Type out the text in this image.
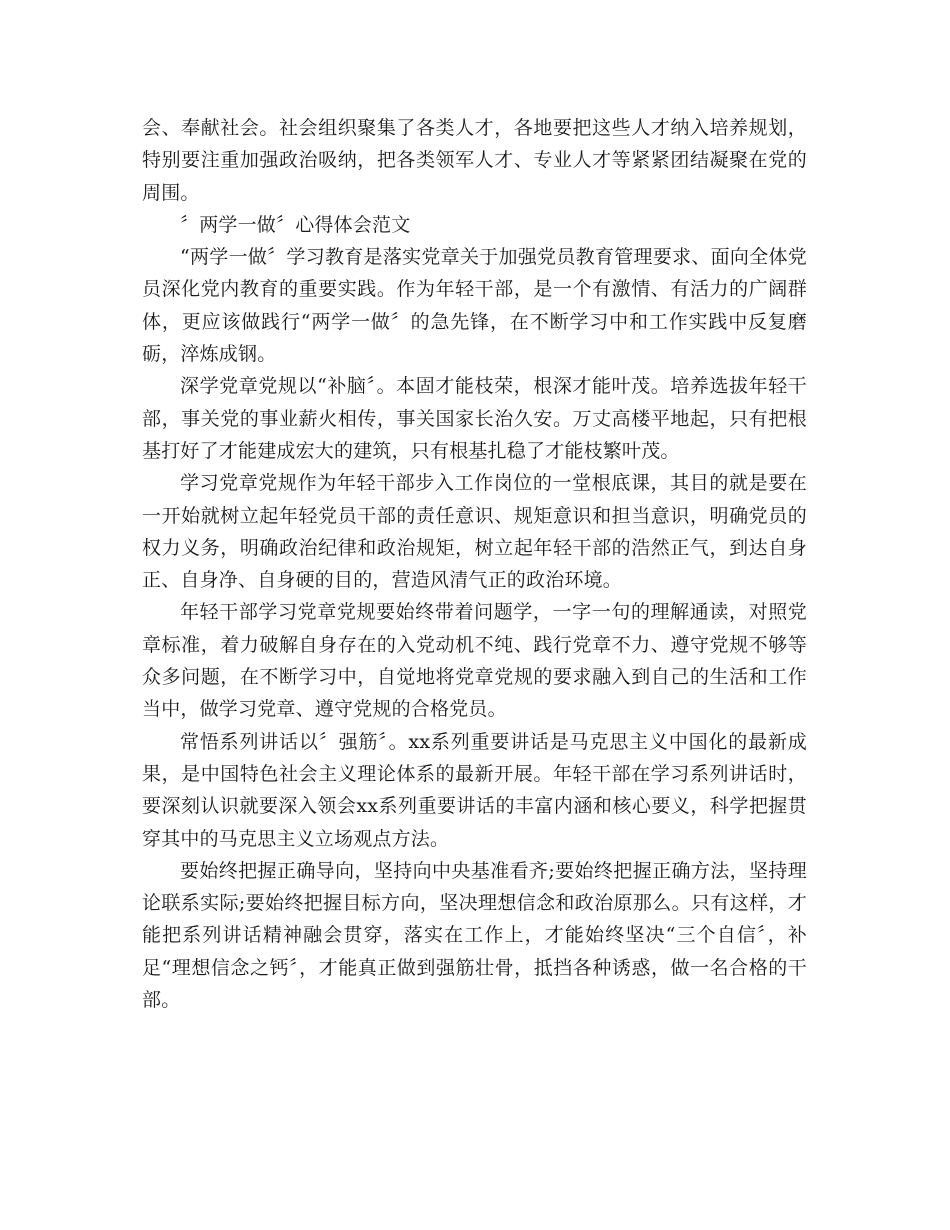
会、奉献社会。社会组织聚集了各类人才，各地要把这些人才纳入培养规划，特别要注重加强政治吸纳，把各类领军人才、专业人才等紧紧团结凝聚在党的周围。

〞两学一做〞心得体会范文

“两学一做〞学习教育是落实党章关于加强党员教育管理要求、面向全体党员深化党内教育的重要实践。作为年轻干部，是一个有激情、有活力的广阔群体，更应该做践行“两学一做〞的急先锋，在不断学习中和工作实践中反复磨砺，淬炼成钢。

深学党章党规以“补脑〞。本固才能枝荣，根深才能叶茂。培养选拔年轻干部，事关党的事业薪火相传，事关国家长治久安。万丈高楼平地起，只有把根基打好了才能建成宏大的建筑，只有根基扎稳了才能枝繁叶茂。

学习党章党规作为年轻干部步入工作岗位的一堂根底课，其目的就是要在一开始就树立起年轻党员干部的责任意识、规矩意识和担当意识，明确党员的权力义务，明确政治纪律和政治规矩，树立起年轻干部的浩然正气，到达自身正、自身净、自身硬的目的，营造风清气正的政治环境。

年轻干部学习党章党规要始终带着问题学，一字一句的理解通读，对照党章标准，着力破解自身存在的入党动机不纯、践行党章不力、遵守党规不够等众多问题，在不断学习中，自觉地将党章党规的要求融入到自己的生活和工作当中，做学习党章、遵守党规的合格党员。

常悟系列讲话以〞强筋〞。xx系列重要讲话是马克思主义中国化的最新成果，是中国特色社会主义理论体系的最新开展。年轻干部在学习系列讲话时，要深刻认识就要深入领会xx系列重要讲话的丰富内涵和核心要义，科学把握贯穿其中的马克思主义立场观点方法。

要始终把握正确导向，坚持向中央基准看齐;要始终把握正确方法，坚持理论联系实际;要始终把握目标方向，坚决理想信念和政治原那么。只有这样，才能把系列讲话精神融会贯穿，落实在工作上，才能始终坚决“三个自信〞，补足“理想信念之钙〞，才能真正做到强筋壮骨，抵挡各种诱惑，做一名合格的干部。
